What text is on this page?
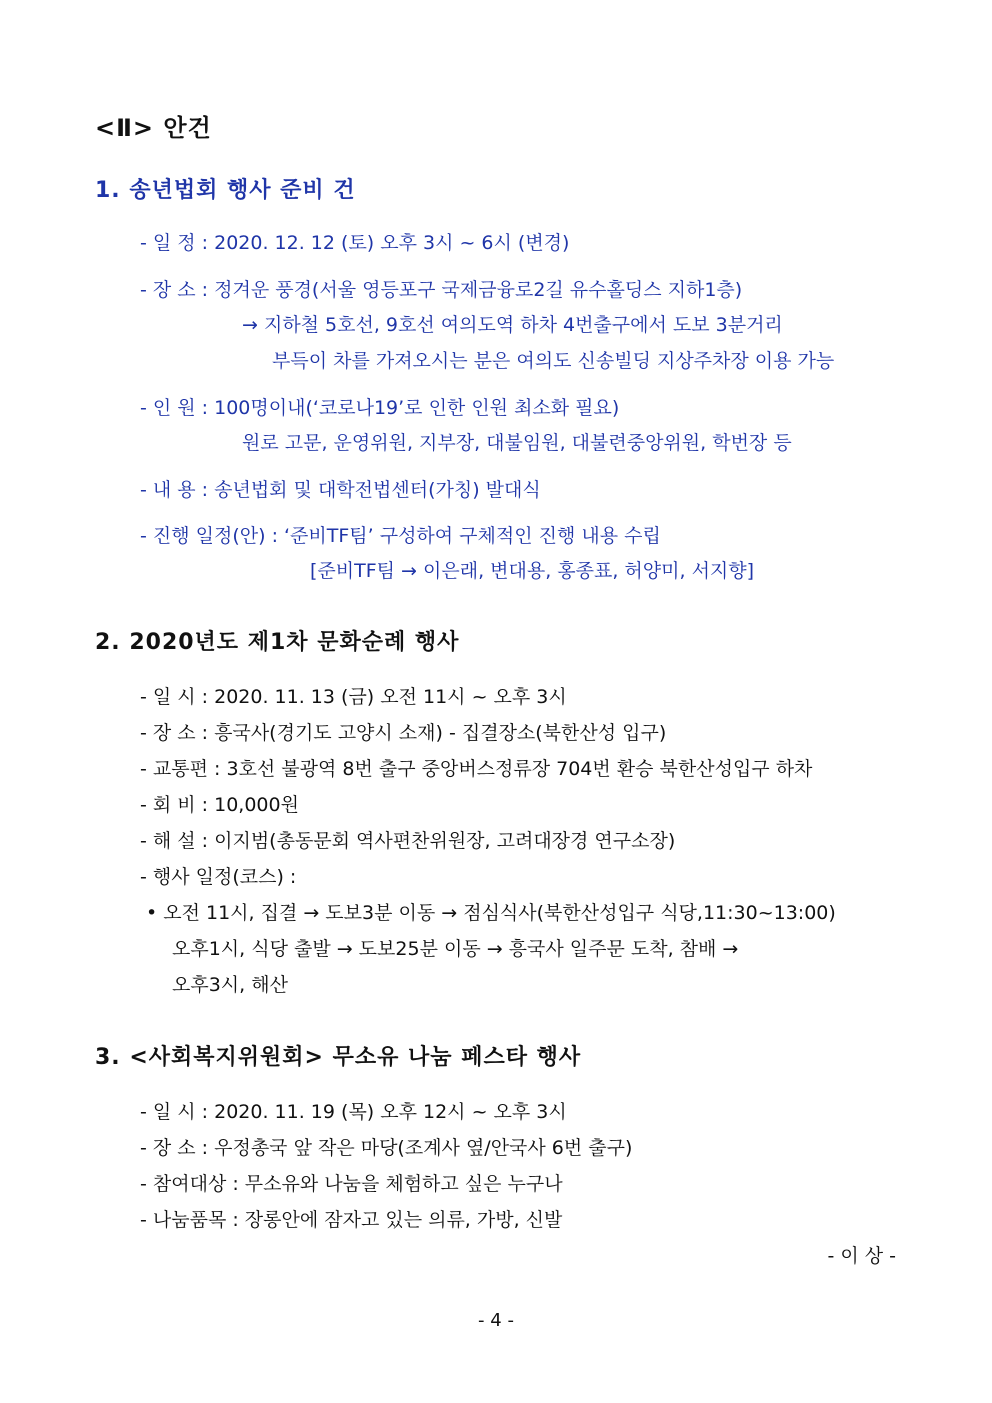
<Ⅱ> 안건
1. 송년법회 행사 준비 건
- 일 정 : 2020. 12. 12 (토) 오후 3시 ~ 6시 (변경)
- 장 소 : 정겨운 풍경(서울 영등포구 국제금융로2길 유수홀딩스 지하1층)
→ 지하철 5호선, 9호선 여의도역 하차 4번출구에서 도보 3분거리
부득이 차를 가져오시는 분은 여의도 신송빌딩 지상주차장 이용 가능
- 인 원 : 100명이내(‘코로나19’로 인한 인원 최소화 필요)
원로 고문, 운영위원, 지부장, 대불임원, 대불련중앙위원, 학번장 등
- 내 용 : 송년법회 및 대학전법센터(가칭) 발대식
- 진행 일정(안) : ‘준비TF팀’ 구성하여 구체적인 진행 내용 수립
[준비TF팀 → 이은래, 변대용, 홍종표, 허양미, 서지향]
2. 2020년도 제1차 문화순례 행사
- 일 시 : 2020. 11. 13 (금) 오전 11시 ~ 오후 3시
- 장 소 : 흥국사(경기도 고양시 소재) - 집결장소(북한산성 입구)
- 교통편 : 3호선 불광역 8번 출구 중앙버스정류장 704번 환승 북한산성입구 하차
- 회 비 : 10,000원
- 해 설 : 이지범(총동문회 역사편찬위원장, 고려대장경 연구소장)
- 행사 일정(코스) :
• 오전 11시, 집결 → 도보3분 이동 → 점심식사(북한산성입구 식당,11:30~13:00)
오후1시, 식당 출발 → 도보25분 이동 → 흥국사 일주문 도착, 참배 →
오후3시, 해산
3. <사회복지위원회> 무소유 나눔 페스타 행사
- 일 시 : 2020. 11. 19 (목) 오후 12시 ~ 오후 3시
- 장 소 : 우정총국 앞 작은 마당(조계사 옆/안국사 6번 출구)
- 참여대상 : 무소유와 나눔을 체험하고 싶은 누구나
- 나눔품목 : 장롱안에 잠자고 있는 의류, 가방, 신발
- 이 상 -
- 4 -
